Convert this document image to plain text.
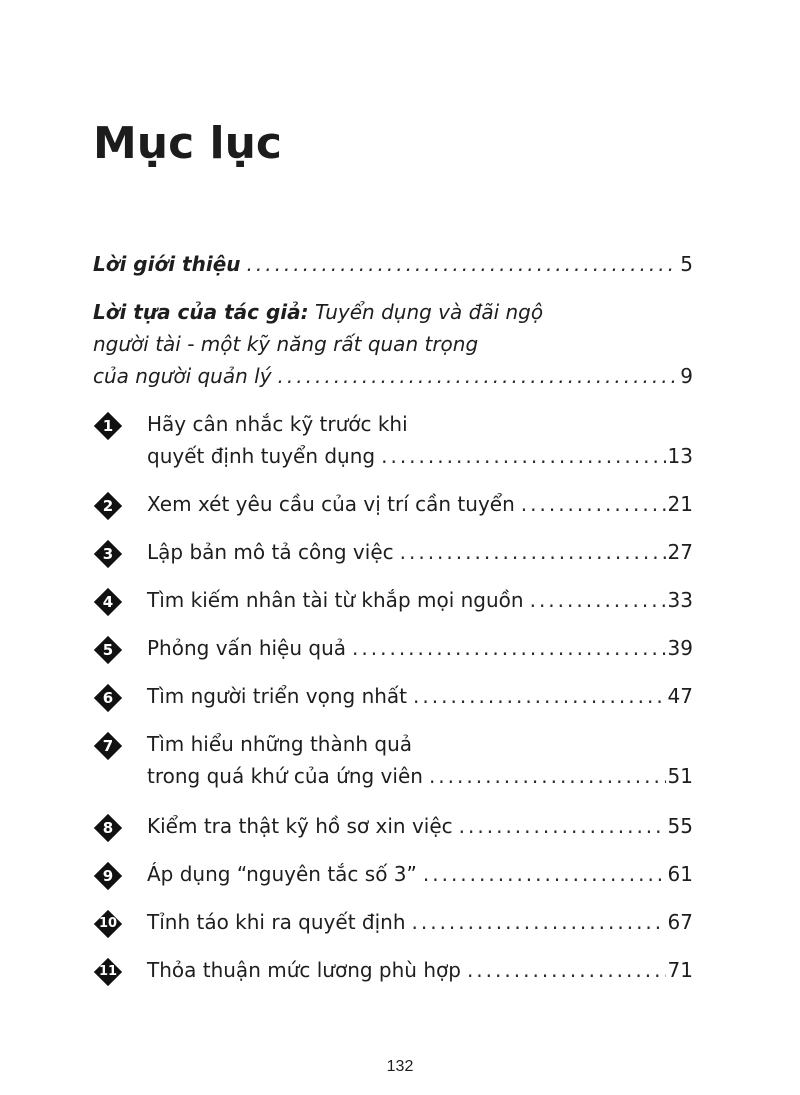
Mục lục
Lời giới thiệu .....	5
Lời tựa của tác giả: Tuyển dụng và đãi ngộ
người tài - một kỹ năng rất quan trọng
của người quản lý .....	9
1	Hãy cân nhắc kỹ trước khi
quyết định tuyển dụng .....	13
2	Xem xét yêu cầu của vị trí cần tuyển .....	21
3	Lập bản mô tả công việc .....	27
4	Tìm kiếm nhân tài từ khắp mọi nguồn .....	33
5	Phỏng vấn hiệu quả .....	39
6	Tìm người triển vọng nhất .....	47
7	Tìm hiểu những thành quả
trong quá khứ của ứng viên .....	51
8	Kiểm tra thật kỹ hồ sơ xin việc .....	55
9	Áp dụng “nguyên tắc số 3” .....	61
10 Tỉnh táo khi ra quyết định .....	67
11 Thỏa thuận mức lương phù hợp .....	71
132
